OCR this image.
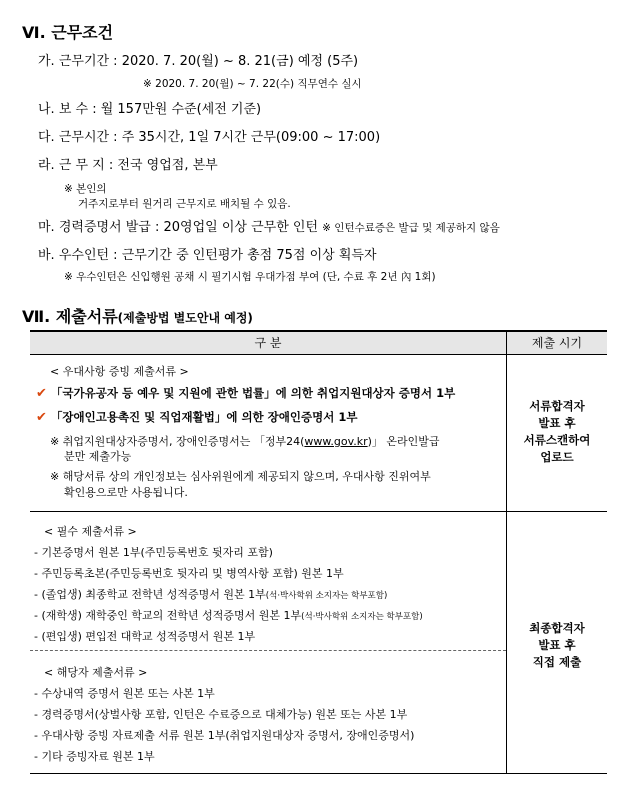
Ⅵ. 근무조건
가. 근무기간 : 2020. 7. 20(월) ~ 8. 21(금) 예정 (5주)
※ 2020. 7. 20(월) ~ 7. 22(수) 직무연수 실시
나. 보 수 : 월 157만원 수준(세전 기준)
다. 근무시간 : 주 35시간, 1일 7시간 근무(09:00 ~ 17:00)
라. 근 무 지 : 전국 영업점, 본부
※ 본인의
거주지로부터 원거리 근무지로 배치될 수 있음.
마. 경력증명서 발급 : 20영업일 이상 근무한 인턴 ※ 인턴수료증은 발급 및 제공하지 않음
바. 우수인턴 : 근무기간 중 인턴평가 총점 75점 이상 획득자
※ 우수인턴은 신입행원 공채 시 필기시험 우대가점 부여 (단, 수료 후 2년 內 1회)
Ⅶ. 제출서류(제출방법 별도안내 예정)
구 분	제출 시기
< 우대사항 증빙 제출서류 >
✔ 「국가유공자 등 예우 및 지원에 관한 법률」에 의한 취업지원대상자 증명서 1부
✔ 「장애인고용촉진 및 직업재활법」에 의한 장애인증명서 1부
※ 취업지원대상자증명서, 장애인증명서는 「정부24(www.gov.kr)」 온라인발급
분만 제출가능
※ 해당서류 상의 개인정보는 심사위원에게 제공되지 않으며, 우대사항 진위여부
확인용으로만 사용됩니다.
서류합격자
발표 후
서류스캔하여
업로드
< 필수 제출서류 >
- 기본증명서 원본 1부(주민등록번호 뒷자리 포함)
- 주민등록초본(주민등록번호 뒷자리 및 병역사항 포함) 원본 1부
- (졸업생) 최종학교 전학년 성적증명서 원본 1부(석·박사학위 소지자는 학부포함)
- (재학생) 재학중인 학교의 전학년 성적증명서 원본 1부(석·박사학위 소지자는 학부포함)
- (편입생) 편입전 대학교 성적증명서 원본 1부
< 해당자 제출서류 >
- 수상내역 증명서 원본 또는 사본 1부
- 경력증명서(상벌사항 포함, 인턴은 수료증으로 대체가능) 원본 또는 사본 1부
- 우대사항 증빙 자료제출 서류 원본 1부(취업지원대상자 증명서, 장애인증명서)
- 기타 증빙자료 원본 1부
최종합격자
발표 후
직접 제출
